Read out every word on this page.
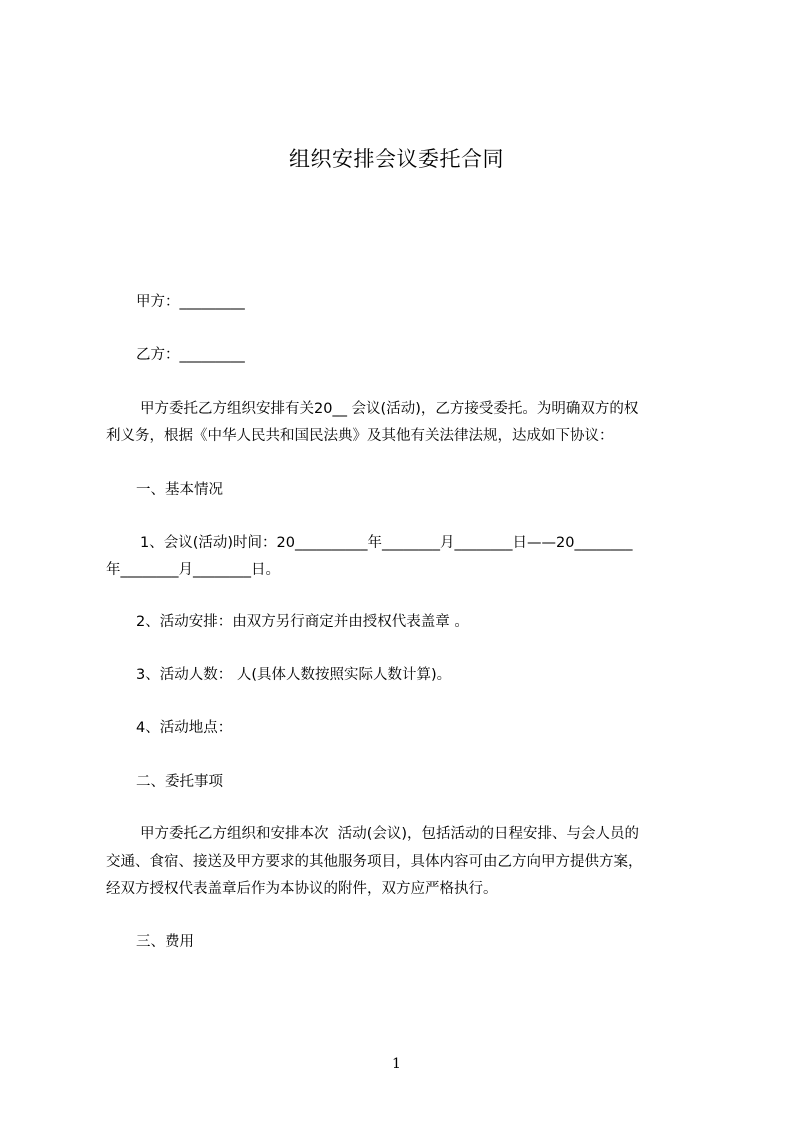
组织安排会议委托合同
甲方：_________
乙方：_________
甲方委托乙方组织安排有关20__ 会议(活动)，乙方接受委托。为明确双方的权
利义务，根据《中华人民共和国民法典》及其他有关法律法规，达成如下协议：
一、基本情况
1、会议(活动)时间：20__________年________月________日——20________
年________月________日。
2、活动安排：由双方另行商定并由授权代表盖章 。
3、活动人数： 人(具体人数按照实际人数计算)。
4、活动地点：
二、委托事项
甲方委托乙方组织和安排本次  活动(会议)，包括活动的日程安排、与会人员的
交通、食宿、接送及甲方要求的其他服务项目，具体内容可由乙方向甲方提供方案，
经双方授权代表盖章后作为本协议的附件，双方应严格执行。
三、费用
1
